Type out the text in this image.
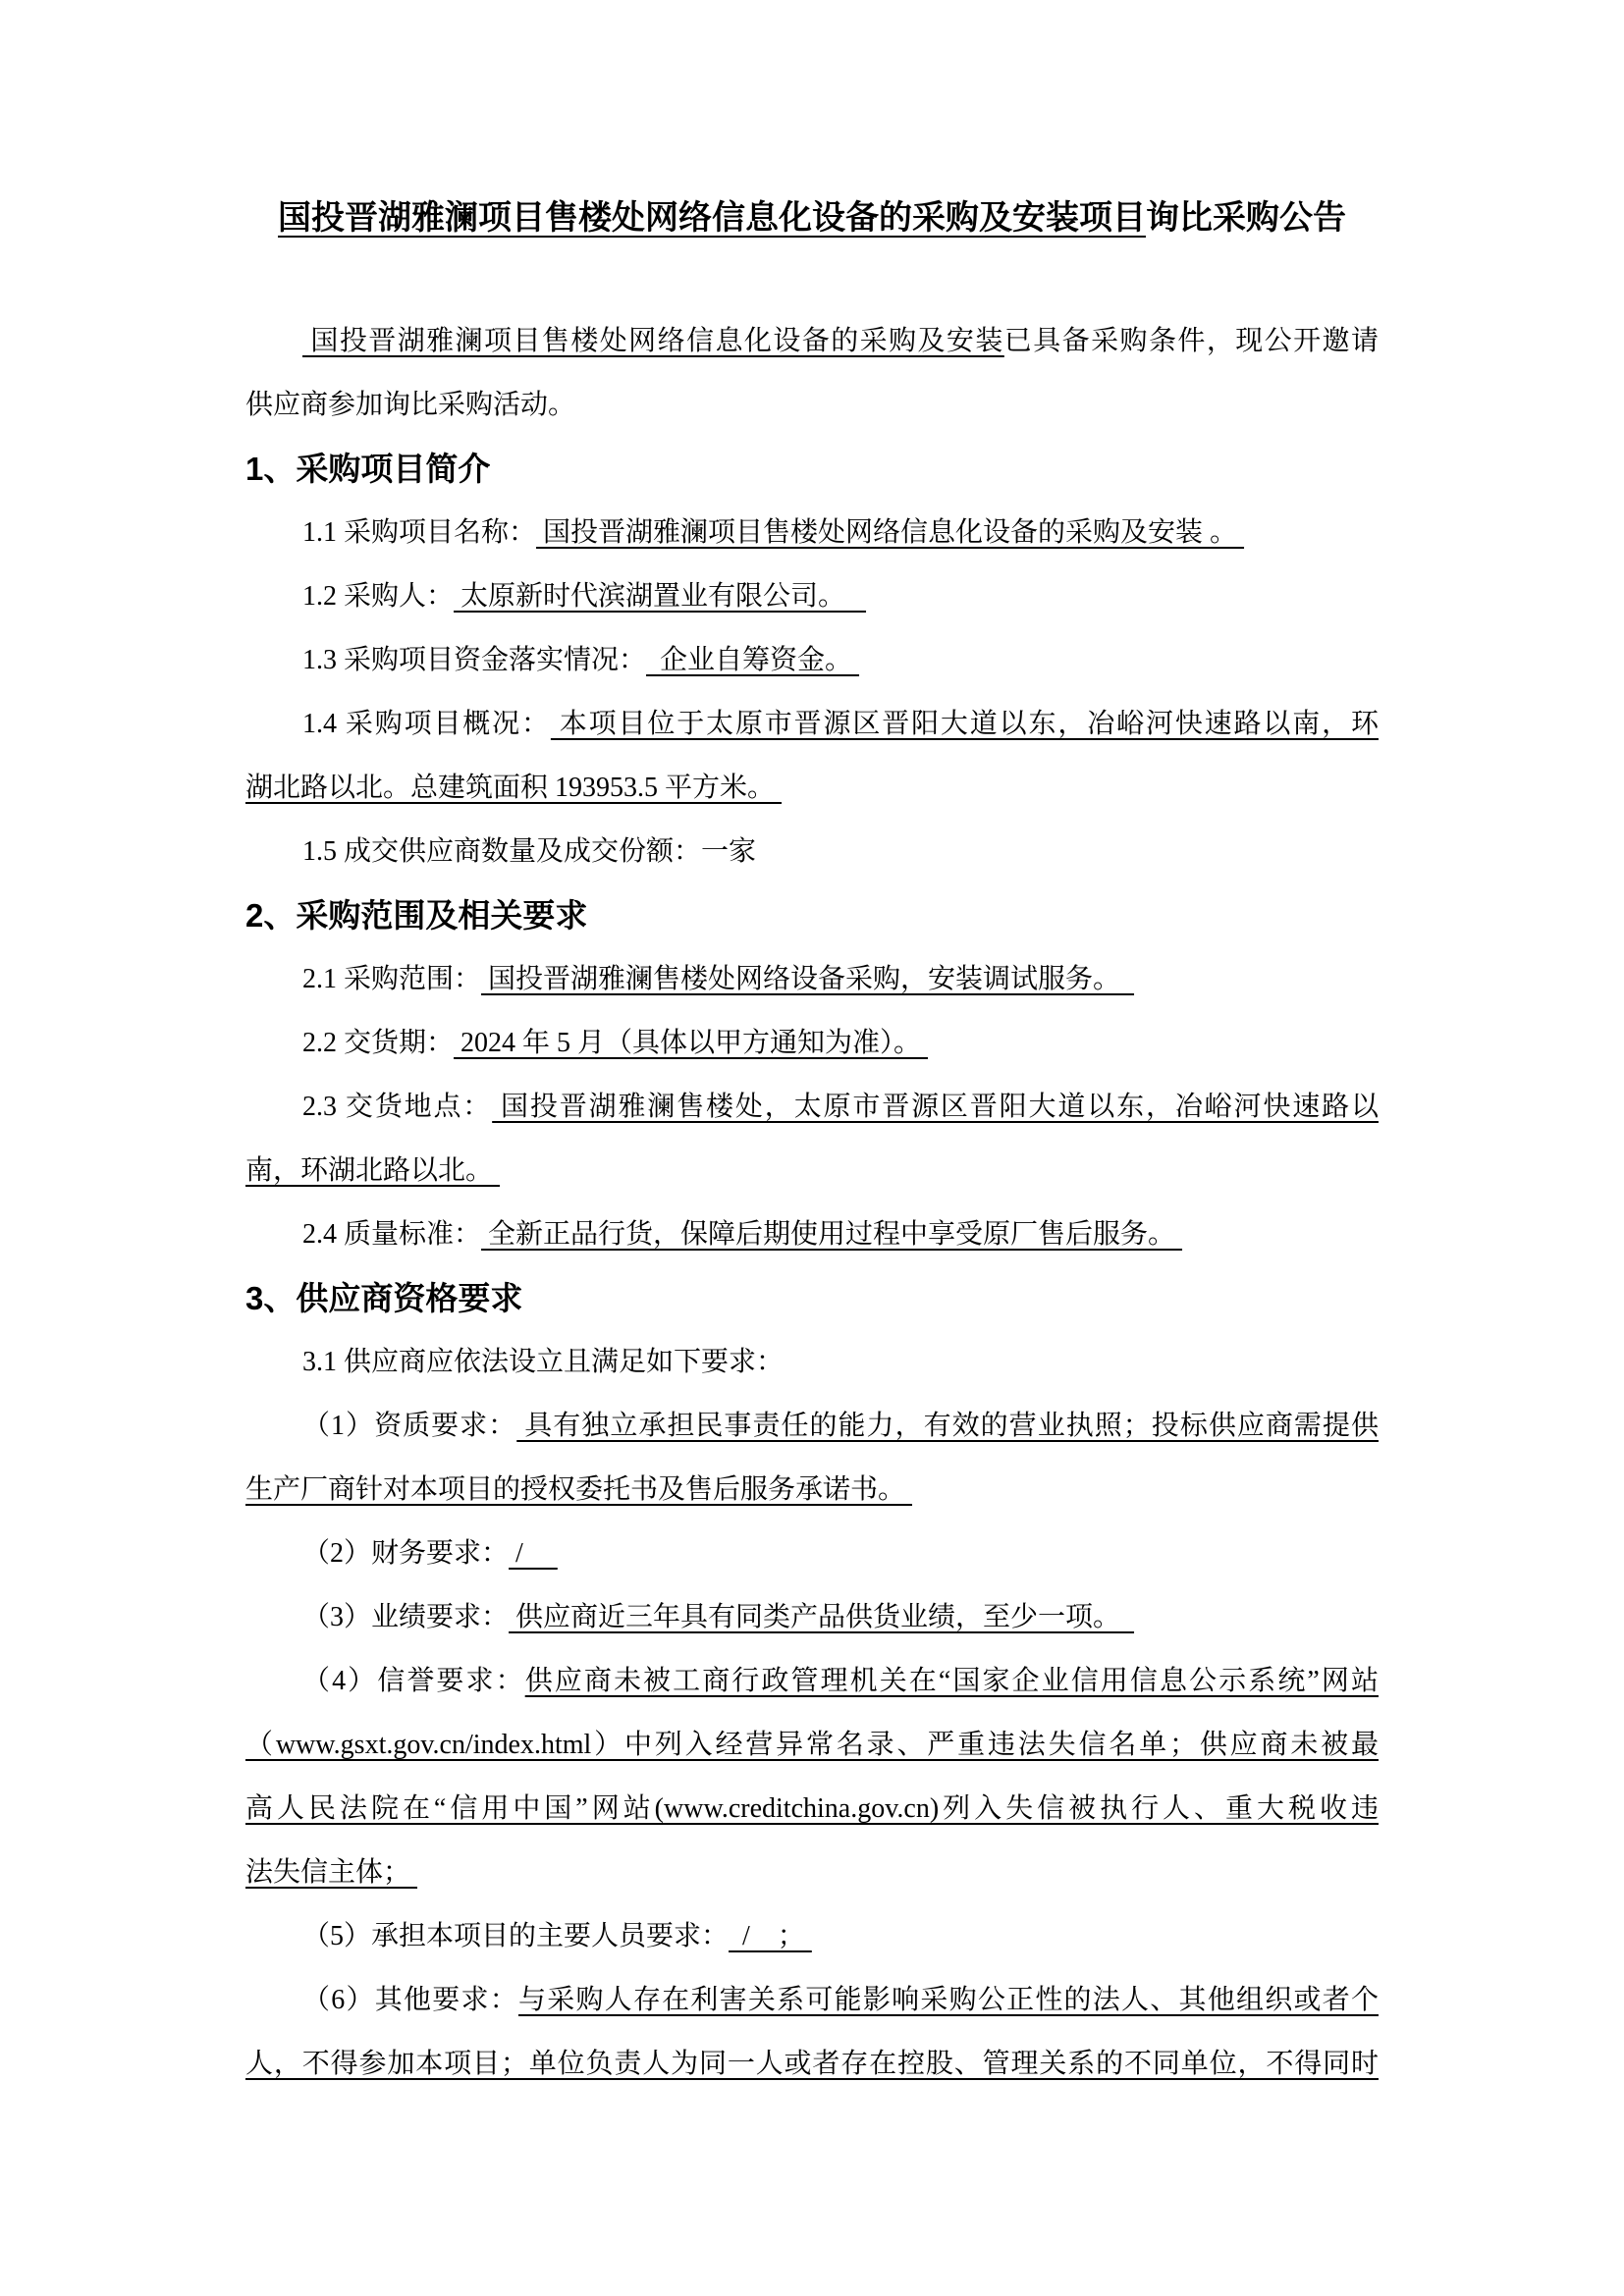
国投晋湖雅澜项目售楼处网络信息化设备的采购及安装项目询比采购公告
国投晋湖雅澜项目售楼处网络信息化设备的采购及安装已具备采购条件，现公开邀请
供应商参加询比采购活动。
1、采购项目简介
1.1 采购项目名称： 国投晋湖雅澜项目售楼处网络信息化设备的采购及安装 。
1.2 采购人： 太原新时代滨湖置业有限公司。
1.3 采购项目资金落实情况：  企业自筹资金。
1.4 采购项目概况： 本项目位于太原市晋源区晋阳大道以东，冶峪河快速路以南，环
湖北路以北。总建筑面积 193953.5 平方米。
1.5 成交供应商数量及成交份额：一家
2、采购范围及相关要求
2.1 采购范围： 国投晋湖雅澜售楼处网络设备采购，安装调试服务。
2.2 交货期： 2024 年 5 月（具体以甲方通知为准）。
2.3 交货地点： 国投晋湖雅澜售楼处，太原市晋源区晋阳大道以东，冶峪河快速路以
南，环湖北路以北。
2.4 质量标准： 全新正品行货，保障后期使用过程中享受原厂售后服务。
3、供应商资格要求
3.1 供应商应依法设立且满足如下要求：
（1）资质要求： 具有独立承担民事责任的能力，有效的营业执照；投标供应商需提供
生产厂商针对本项目的授权委托书及售后服务承诺书。
（2）财务要求： /
（3）业绩要求： 供应商近三年具有同类产品供货业绩，至少一项。
（4）信誉要求：供应商未被工商行政管理机关在“国家企业信用信息公示系统”网站
（www.gsxt.gov.cn/index.html）中列入经营异常名录、严重违法失信名单；供应商未被最
高人民法院在“信用中国”网站(www.creditchina.gov.cn)列入失信被执行人、重大税收违
法失信主体；
（5）承担本项目的主要人员要求：  /    ；
（6）其他要求：与采购人存在利害关系可能影响采购公正性的法人、其他组织或者个
人，不得参加本项目；单位负责人为同一人或者存在控股、管理关系的不同单位，不得同时
